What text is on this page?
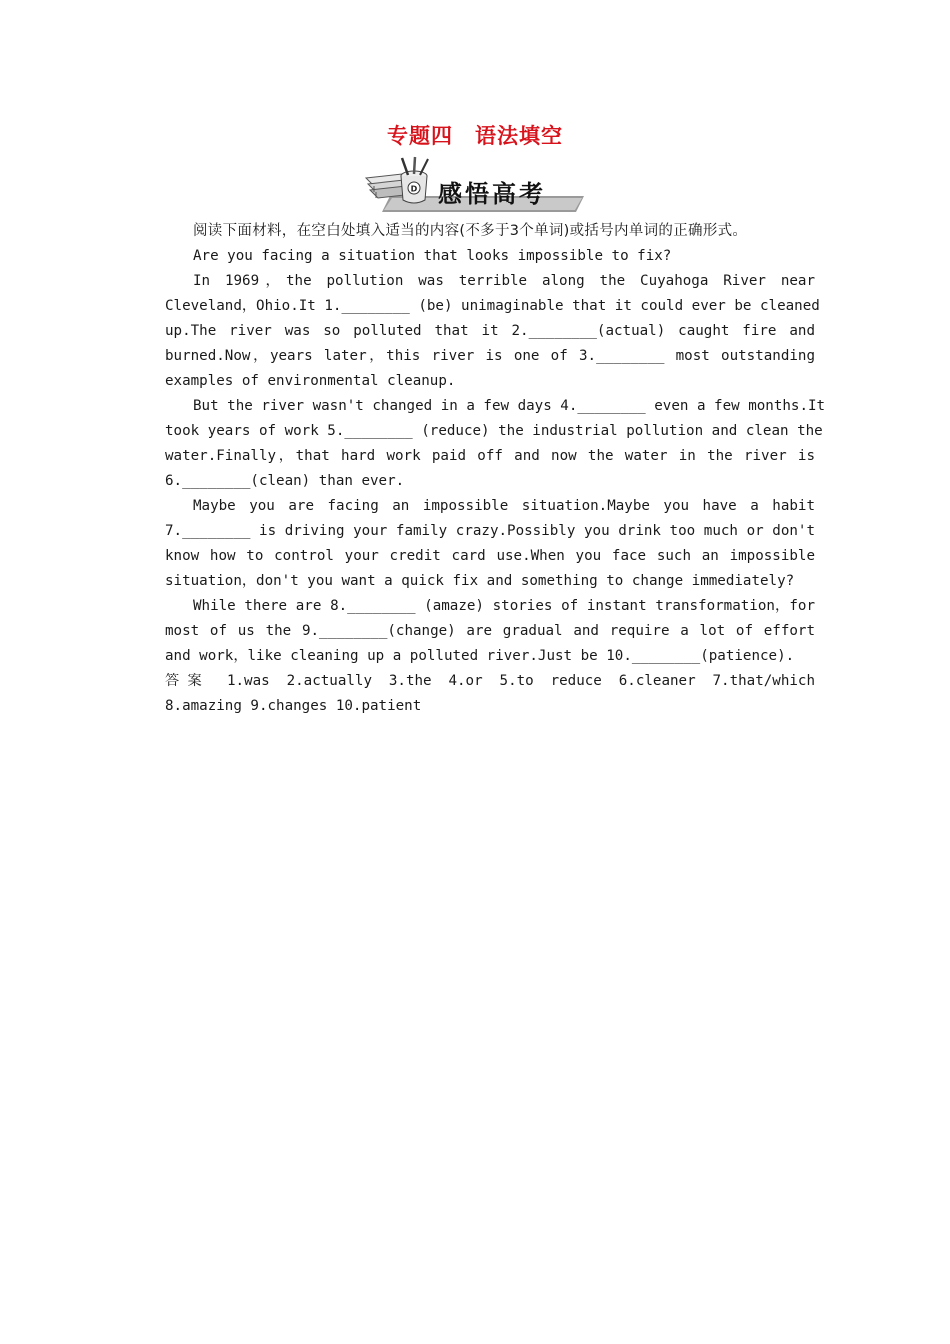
专题四　语法填空
D 感悟高考
阅读下面材料，在空白处填入适当的内容(不多于3个单词)或括号内单词的正确形式。
Are you facing a situation that looks impossible to fix?
In 1969，the pollution was terrible along the Cuyahoga River near
Cleveland，Ohio.It 1.________ (be) unimaginable that it could ever be cleaned
up.The river was so polluted that it 2.________(actual) caught fire and
burned.Now，years later，this river is one of 3.________ most outstanding
examples of environmental cleanup.
But the river wasn't changed in a few days 4.________ even a few months.It
took years of work 5.________ (reduce) the industrial pollution and clean the
water.Finally，that hard work paid off and now the water in the river is
6.________(clean) than ever.
Maybe you are facing an impossible situation.Maybe you have a habit
7.________ is driving your family crazy.Possibly you drink too much or don't
know how to control your credit card use.When you face such an impossible
situation，don't you want a quick fix and something to change immediately?
While there are 8.________ (amaze) stories of instant transformation，for
most of us the 9.________(change) are gradual and require a lot of effort
and work，like cleaning up a polluted river.Just be 10.________(patience).
答案 1.was 2.actually 3.the 4.or 5.to reduce 6.cleaner 7.that/which
8.amazing 9.changes 10.patient
